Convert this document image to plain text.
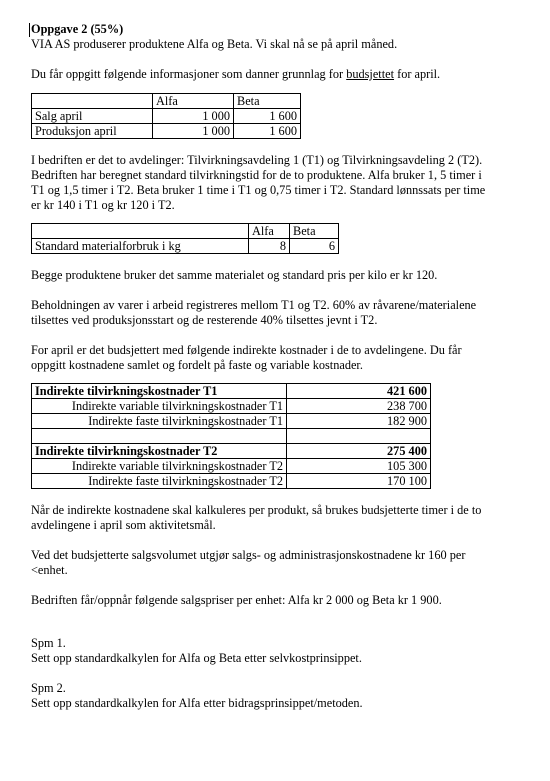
Oppgave 2 (55%)

VIA AS produserer produktene Alfa og Beta. Vi skal nå se på april måned.

Du får oppgitt følgende informasjoner som danner grunnlag for budsjettet for april.

	Alfa	Beta
Salg april	1 000	1 600
Produksjon april	1 000	1 600

I bedriften er det to avdelinger: Tilvirkningsavdeling 1 (T1) og Tilvirkningsavdeling 2 (T2).

Bedriften har beregnet standard tilvirkningstid for de to produktene. Alfa bruker 1, 5 timer i

T1 og 1,5 timer i T2. Beta bruker 1 time i T1 og 0,75 timer i T2. Standard lønnssats per time

er kr 140 i T1 og kr 120 i T2.

	Alfa	Beta
Standard materialforbruk i kg	8	6

Begge produktene bruker det samme materialet og standard pris per kilo er kr 120.

Beholdningen av varer i arbeid registreres mellom T1 og T2. 60% av råvarene/materialene

tilsettes ved produksjonsstart og de resterende 40% tilsettes jevnt i T2.

For april er det budsjettert med følgende indirekte kostnader i de to avdelingene. Du får

oppgitt kostnadene samlet og fordelt på faste og variable kostnader.

Indirekte tilvirkningskostnader T1	421 600
Indirekte variable tilvirkningskostnader T1	238 700
Indirekte faste tilvirkningskostnader T1	182 900

Indirekte tilvirkningskostnader T2	275 400
Indirekte variable tilvirkningskostnader T2	105 300
Indirekte faste tilvirkningskostnader T2	170 100

Når de indirekte kostnadene skal kalkuleres per produkt, så brukes budsjetterte timer i de to

avdelingene i april som aktivitetsmål.

Ved det budsjetterte salgsvolumet utgjør salgs- og administrasjonskostnadene kr 160 per

<enhet.

Bedriften får/oppnår følgende salgspriser per enhet: Alfa kr 2 000 og Beta kr 1 900.

Spm 1.

Sett opp standardkalkylen for Alfa og Beta etter selvkostprinsippet.

Spm 2.

Sett opp standardkalkylen for Alfa etter bidragsprinsippet/metoden.
